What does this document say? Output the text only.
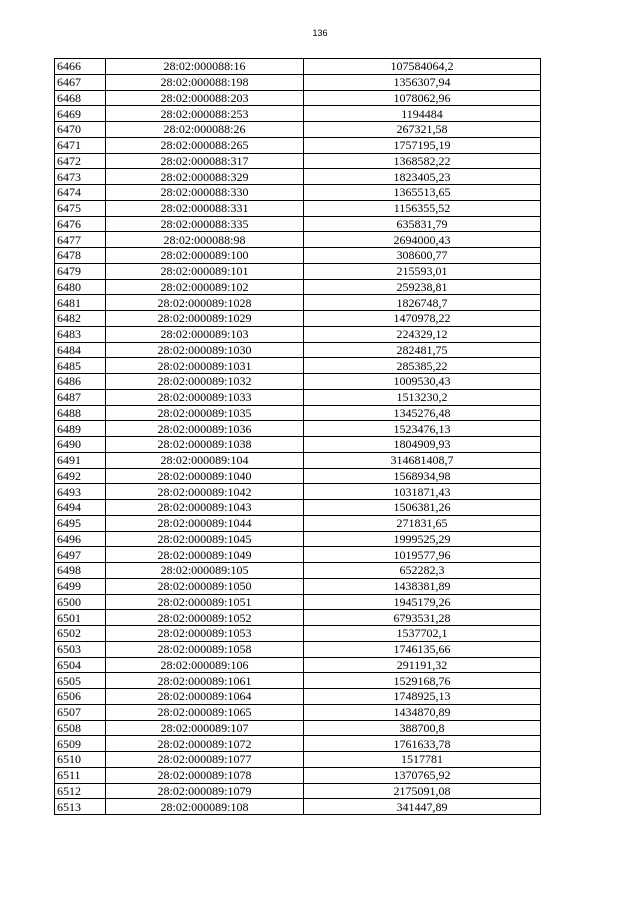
136
6466	28:02:000088:16	107584064,2
6467	28:02:000088:198	1356307,94
6468	28:02:000088:203	1078062,96
6469	28:02:000088:253	1194484
6470	28:02:000088:26	267321,58
6471	28:02:000088:265	1757195,19
6472	28:02:000088:317	1368582,22
6473	28:02:000088:329	1823405,23
6474	28:02:000088:330	1365513,65
6475	28:02:000088:331	1156355,52
6476	28:02:000088:335	635831,79
6477	28:02:000088:98	2694000,43
6478	28:02:000089:100	308600,77
6479	28:02:000089:101	215593,01
6480	28:02:000089:102	259238,81
6481	28:02:000089:1028	1826748,7
6482	28:02:000089:1029	1470978,22
6483	28:02:000089:103	224329,12
6484	28:02:000089:1030	282481,75
6485	28:02:000089:1031	285385,22
6486	28:02:000089:1032	1009530,43
6487	28:02:000089:1033	1513230,2
6488	28:02:000089:1035	1345276,48
6489	28:02:000089:1036	1523476,13
6490	28:02:000089:1038	1804909,93
6491	28:02:000089:104	314681408,7
6492	28:02:000089:1040	1568934,98
6493	28:02:000089:1042	1031871,43
6494	28:02:000089:1043	1506381,26
6495	28:02:000089:1044	271831,65
6496	28:02:000089:1045	1999525,29
6497	28:02:000089:1049	1019577,96
6498	28:02:000089:105	652282,3
6499	28:02:000089:1050	1438381,89
6500	28:02:000089:1051	1945179,26
6501	28:02:000089:1052	6793531,28
6502	28:02:000089:1053	1537702,1
6503	28:02:000089:1058	1746135,66
6504	28:02:000089:106	291191,32
6505	28:02:000089:1061	1529168,76
6506	28:02:000089:1064	1748925,13
6507	28:02:000089:1065	1434870,89
6508	28:02:000089:107	388700,8
6509	28:02:000089:1072	1761633,78
6510	28:02:000089:1077	1517781
6511	28:02:000089:1078	1370765,92
6512	28:02:000089:1079	2175091,08
6513	28:02:000089:108	341447,89
